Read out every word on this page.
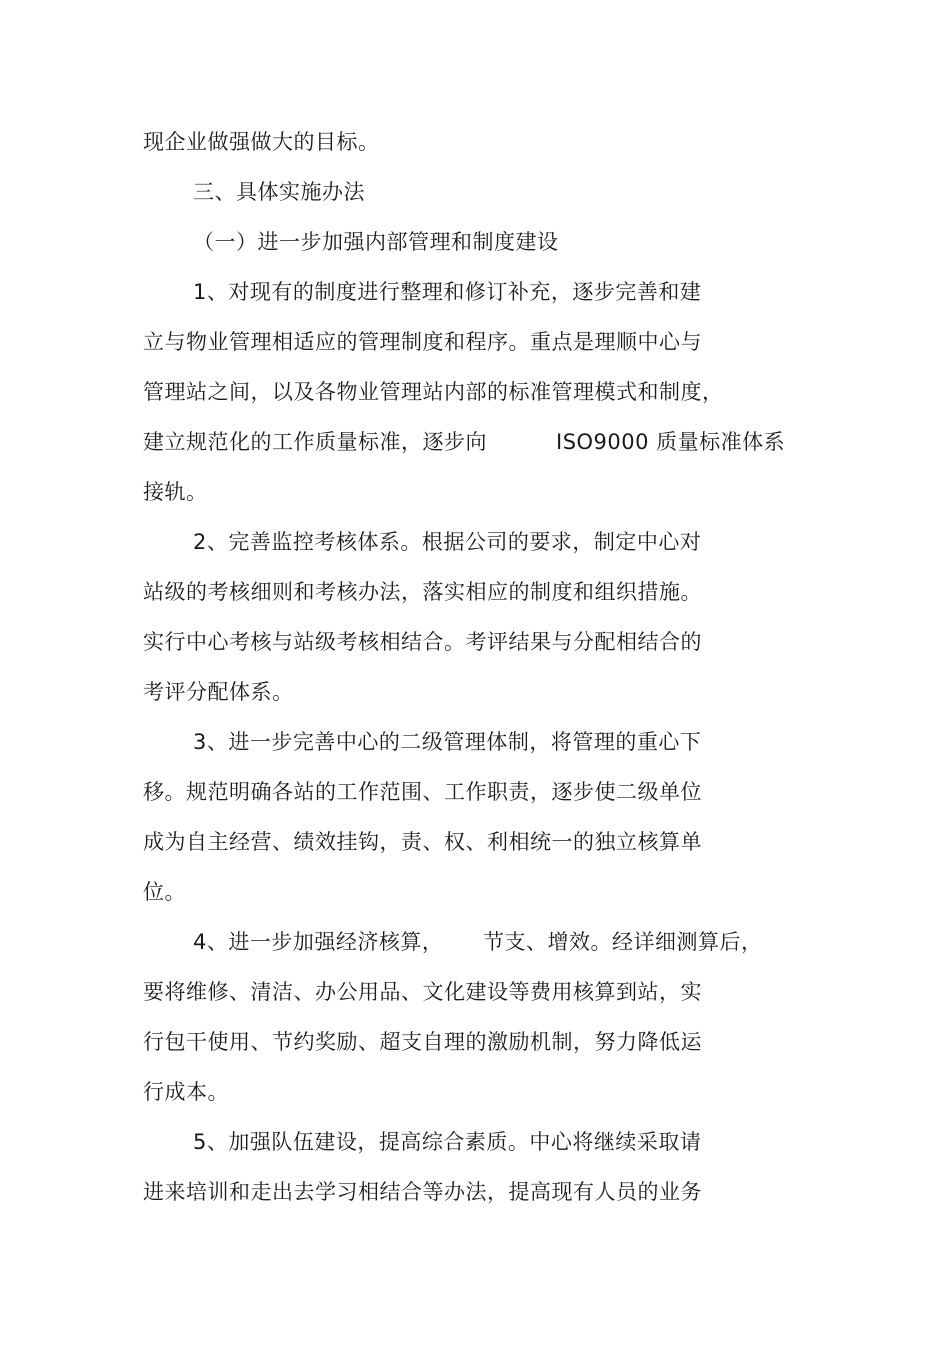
现企业做强做大的目标。
三、具体实施办法
（一）进一步加强内部管理和制度建设
1、对现有的制度进行整理和修订补充，逐步完善和建
立与物业管理相适应的管理制度和程序。重点是理顺中心与
管理站之间，以及各物业管理站内部的标准管理模式和制度，
建立规范化的工作质量标准，逐步向	ISO9000 质量标准体系
接轨。
2、完善监控考核体系。根据公司的要求，制定中心对
站级的考核细则和考核办法，落实相应的制度和组织措施。
实行中心考核与站级考核相结合。考评结果与分配相结合的
考评分配体系。
3、进一步完善中心的二级管理体制，将管理的重心下
移。规范明确各站的工作范围、工作职责，逐步使二级单位
成为自主经营、绩效挂钩，责、权、利相统一的独立核算单
位。
4、进一步加强经济核算， 节支、增效。经详细测算后，
要将维修、清洁、办公用品、文化建设等费用核算到站，实
行包干使用、节约奖励、超支自理的激励机制，努力降低运
行成本。
5、加强队伍建设，提高综合素质。中心将继续采取请
进来培训和走出去学习相结合等办法，提高现有人员的业务
